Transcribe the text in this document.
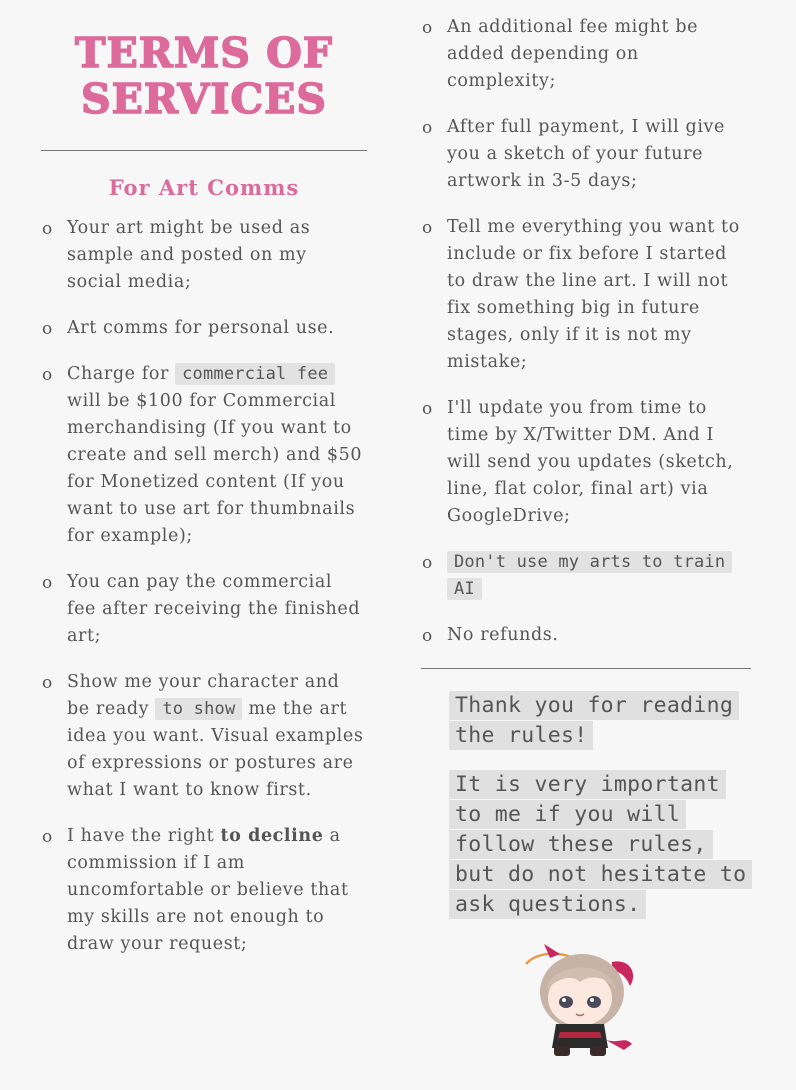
TERMS OF
SERVICES
For Art Comms
o Your art might be used as sample and posted on my social media;
o Art comms for personal use.
o Charge for commercial fee will be $100 for Commercial merchandising (If you want to create and sell merch) and $50 for Monetized content (If you want to use art for thumbnails for example);
o You can pay the commercial fee after receiving the finished art;
o Show me your character and be ready to show me the art idea you want. Visual examples of expressions or postures are what I want to know first.
o I have the right to decline a commission if I am uncomfortable or believe that my skills are not enough to draw your request;
o An additional fee might be added depending on complexity;
o After full payment, I will give you a sketch of your future artwork in 3-5 days;
o Tell me everything you want to include or fix before I started to draw the line art. I will not fix something big in future stages, only if it is not my mistake;
o I'll update you from time to time by X/Twitter DM. And I will send you updates (sketch, line, flat color, final art) via GoogleDrive;
o Don't use my arts to train AI
o No refunds.

Thank you for reading the rules!

It is very important to me if you will follow these rules, but do not hesitate to ask questions.
